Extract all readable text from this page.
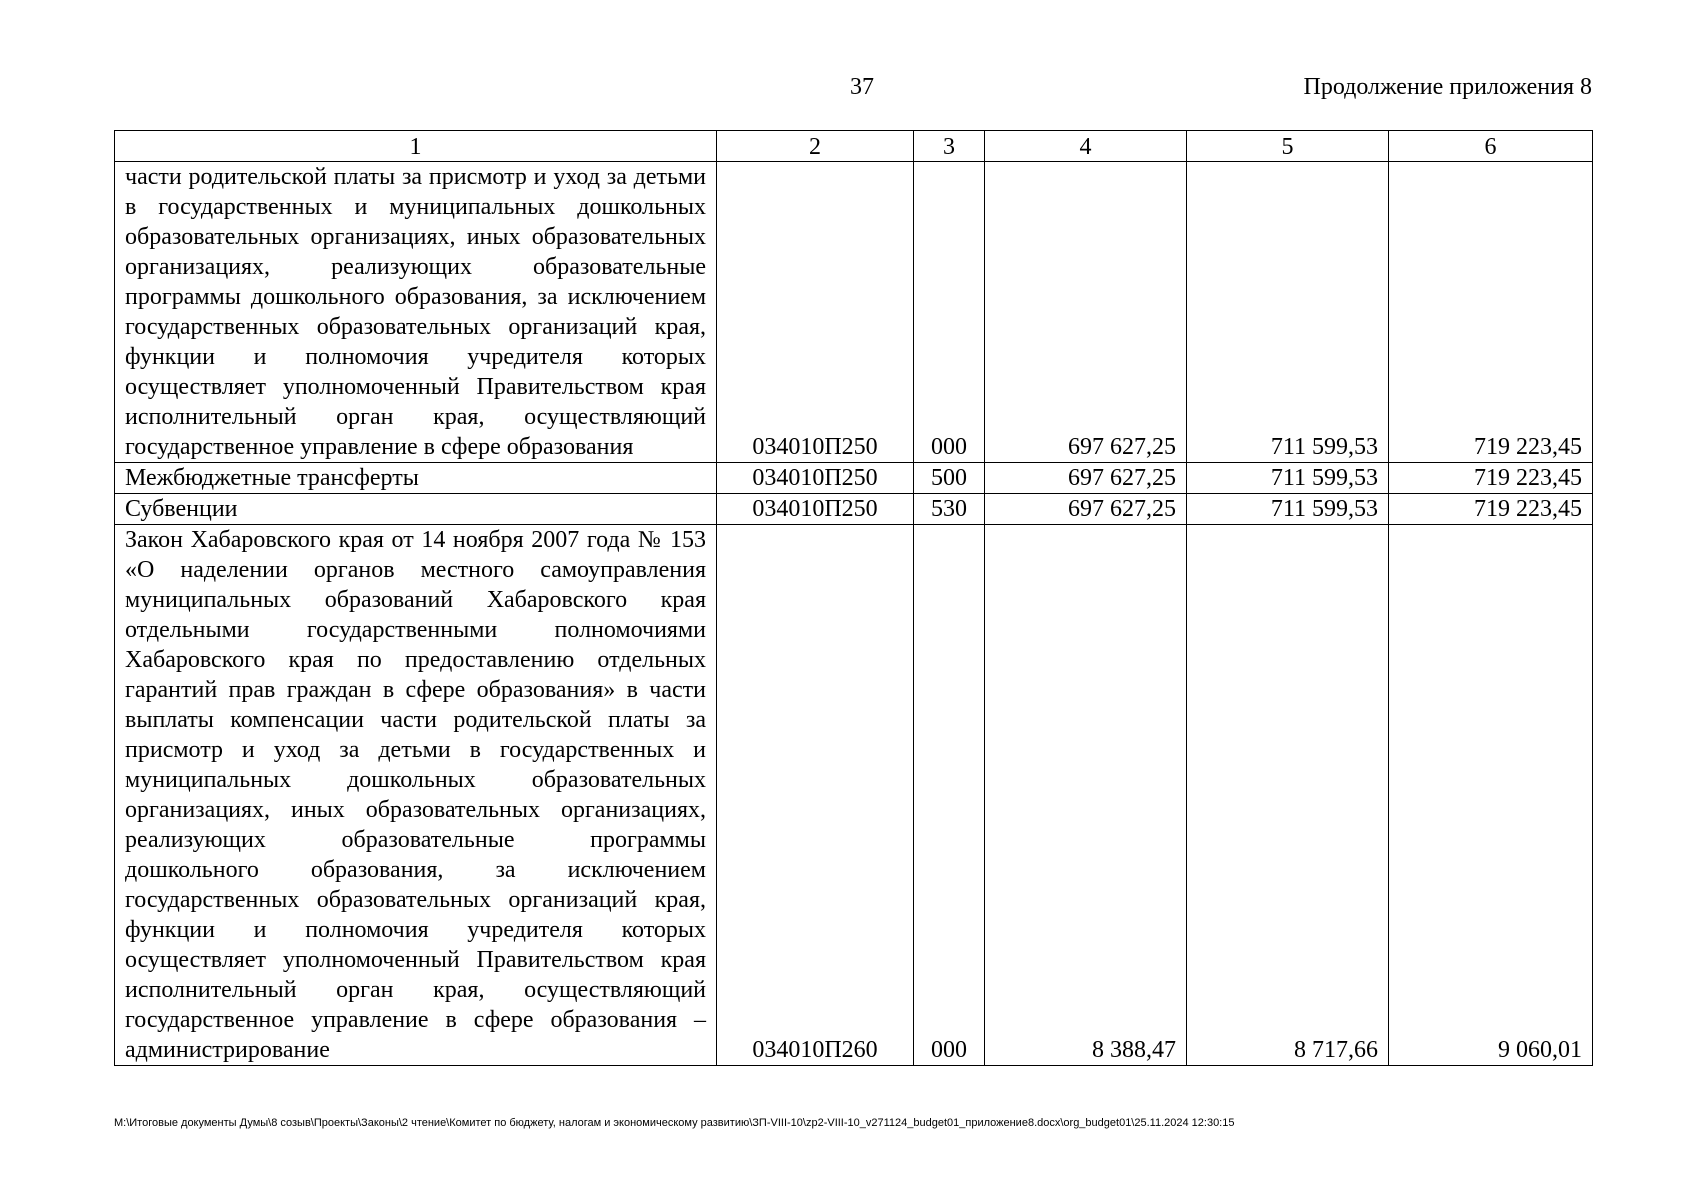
37	Продолжение приложения 8
1	2	3	4	5	6
части родительской платы за присмотр и уход за детьми в государственных и муниципальных дошкольных образовательных организациях, иных образовательных организациях, реализующих образовательные программы дошкольного образования, за исключением государственных образовательных организаций края, функции и полномочия учредителя которых осуществляет уполномоченный Правительством края исполнительный орган края, осуществляющий государственное управление в сфере образования	034010П250	000	697 627,25	711 599,53	719 223,45
Межбюджетные трансферты	034010П250	500	697 627,25	711 599,53	719 223,45
Субвенции	034010П250	530	697 627,25	711 599,53	719 223,45
Закон Хабаровского края от 14 ноября 2007 года № 153 «О наделении органов местного самоуправления муниципальных образований Хабаровского края отдельными государственными полномочиями Хабаровского края по предоставлению отдельных гарантий прав граждан в сфере образования» в части выплаты компенсации части родительской платы за присмотр и уход за детьми в государственных и муниципальных дошкольных образовательных организациях, иных образовательных организациях, реализующих образовательные программы дошкольного образования, за исключением государственных образовательных организаций края, функции и полномочия учредителя которых осуществляет уполномоченный Правительством края исполнительный орган края, осуществляющий государственное управление в сфере образования – администрирование	034010П260	000	8 388,47	8 717,66	9 060,01
M:\Итоговые документы Думы\8 созыв\Проекты\Законы\2 чтение\Комитет по бюджету, налогам и экономическому развитию\ЗП-VIII-10\zp2-VIII-10_v271124_budget01_приложение8.docx\org_budget01\25.11.2024 12:30:15
